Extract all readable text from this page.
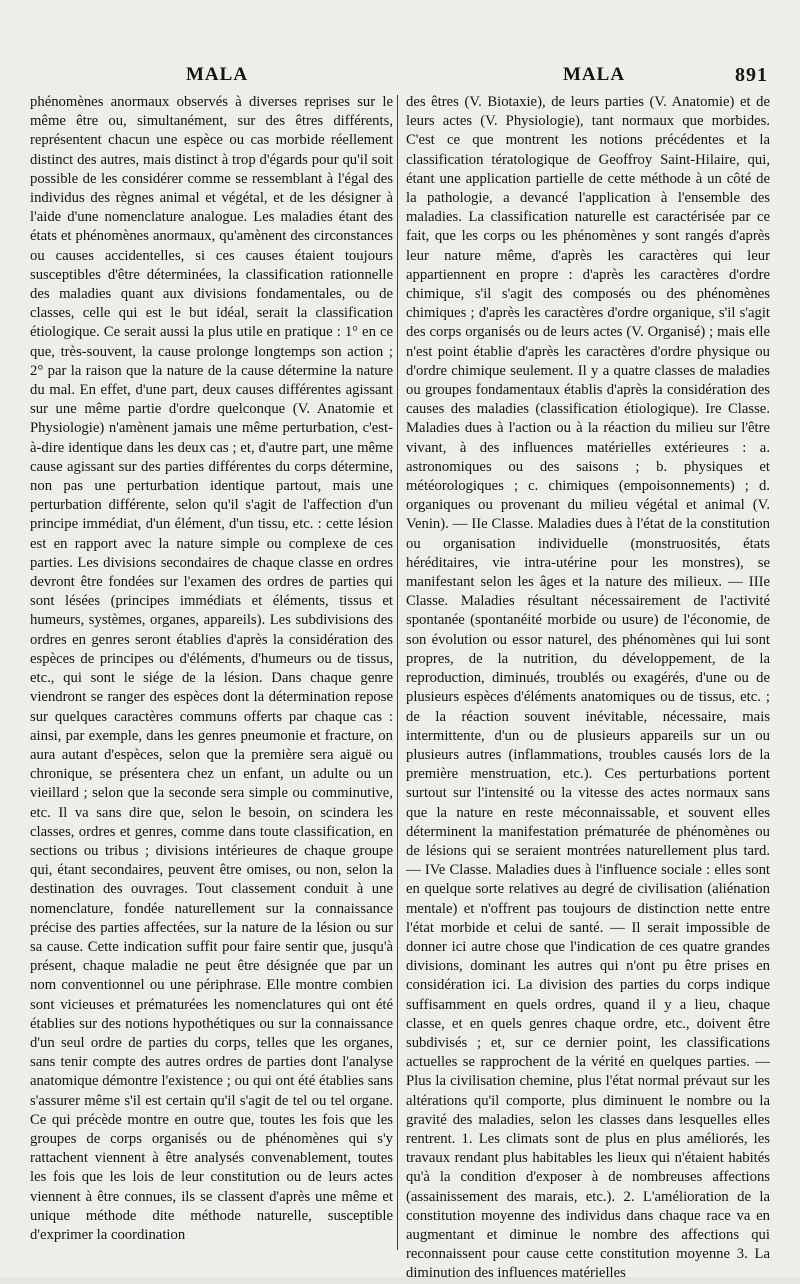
MALA	MALA	891

phénomènes anormaux observés à diverses reprises sur le même être ou, simultanément, sur des êtres différents, représentent chacun une espèce ou cas morbide réellement distinct des autres, mais distinct à trop d'égards pour qu'il soit possible de les considérer comme se ressemblant à l'égal des individus des règnes animal et végétal, et de les désigner à l'aide d'une nomenclature analogue. Les maladies étant des états et phénomènes anormaux, qu'amènent des circonstances ou causes accidentelles, si ces causes étaient toujours susceptibles d'être déterminées, la classification rationnelle des maladies quant aux divisions fondamentales, ou de classes, celle qui est le but idéal, serait la classification étiologique. Ce serait aussi la plus utile en pratique : 1° en ce que, très-souvent, la cause prolonge longtemps son action ; 2° par la raison que la nature de la cause détermine la nature du mal. En effet, d'une part, deux causes différentes agissant sur une même partie d'ordre quelconque (V. Anatomie et Physiologie) n'amènent jamais une même perturbation, c'est-à-dire identique dans les deux cas ; et, d'autre part, une même cause agissant sur des parties différentes du corps détermine, non pas une perturbation identique partout, mais une perturbation différente, selon qu'il s'agit de l'affection d'un principe immédiat, d'un élément, d'un tissu, etc. : cette lésion est en rapport avec la nature simple ou complexe de ces parties. Les divisions secondaires de chaque classe en ordres devront être fondées sur l'examen des ordres de parties qui sont lésées (principes immédiats et éléments, tissus et humeurs, systèmes, organes, appareils). Les subdivisions des ordres en genres seront établies d'après la considération des espèces de principes ou d'éléments, d'humeurs ou de tissus, etc., qui sont le siége de la lésion. Dans chaque genre viendront se ranger des espèces dont la détermination repose sur quelques caractères communs offerts par chaque cas : ainsi, par exemple, dans les genres pneumonie et fracture, on aura autant d'espèces, selon que la première sera aiguë ou chronique, se présentera chez un enfant, un adulte ou un vieillard ; selon que la seconde sera simple ou comminutive, etc. Il va sans dire que, selon le besoin, on scindera les classes, ordres et genres, comme dans toute classification, en sections ou tribus ; divisions intérieures de chaque groupe qui, étant secondaires, peuvent être omises, ou non, selon la destination des ouvrages. Tout classement conduit à une nomenclature, fondée naturellement sur la connaissance précise des parties affectées, sur la nature de la lésion ou sur sa cause. Cette indication suffit pour faire sentir que, jusqu'à présent, chaque maladie ne peut être désignée que par un nom conventionnel ou une périphrase. Elle montre combien sont vicieuses et prématurées les nomenclatures qui ont été établies sur des notions hypothétiques ou sur la connaissance d'un seul ordre de parties du corps, telles que les organes, sans tenir compte des autres ordres de parties dont l'analyse anatomique démontre l'existence ; ou qui ont été établies sans s'assurer même s'il est certain qu'il s'agit de tel ou tel organe. Ce qui précède montre en outre que, toutes les fois que les groupes de corps organisés ou de phénomènes qui s'y rattachent viennent à être analysés convenablement, toutes les fois que les lois de leur constitution ou de leurs actes viennent à être connues, ils se classent d'après une même et unique méthode dite méthode naturelle, susceptible d'exprimer la coordination

des êtres (V. Biotaxie), de leurs parties (V. Anatomie) et de leurs actes (V. Physiologie), tant normaux que morbides. C'est ce que montrent les notions précédentes et la classification tératologique de Geoffroy Saint-Hilaire, qui, étant une application partielle de cette méthode à un côté de la pathologie, a devancé l'application à l'ensemble des maladies. La classification naturelle est caractérisée par ce fait, que les corps ou les phénomènes y sont rangés d'après leur nature même, d'après les caractères qui leur appartiennent en propre : d'après les caractères d'ordre chimique, s'il s'agit des composés ou des phénomènes chimiques ; d'après les caractères d'ordre organique, s'il s'agit des corps organisés ou de leurs actes (V. Organisé) ; mais elle n'est point établie d'après les caractères d'ordre physique ou d'ordre chimique seulement. Il y a quatre classes de maladies ou groupes fondamentaux établis d'après la considération des causes des maladies (classification étiologique). Ire Classe. Maladies dues à l'action ou à la réaction du milieu sur l'être vivant, à des influences matérielles extérieures : a. astronomiques ou des saisons ; b. physiques et météorologiques ; c. chimiques (empoisonnements) ; d. organiques ou provenant du milieu végétal et animal (V. Venin). — IIe Classe. Maladies dues à l'état de la constitution ou organisation individuelle (monstruosités, états héréditaires, vie intra-utérine pour les monstres), se manifestant selon les âges et la nature des milieux. — IIIe Classe. Maladies résultant nécessairement de l'activité spontanée (spontanéité morbide ou usure) de l'économie, de son évolution ou essor naturel, des phénomènes qui lui sont propres, de la nutrition, du développement, de la reproduction, diminués, troublés ou exagérés, d'une ou de plusieurs espèces d'éléments anatomiques ou de tissus, etc. ; de la réaction souvent inévitable, nécessaire, mais intermittente, d'un ou de plusieurs appareils sur un ou plusieurs autres (inflammations, troubles causés lors de la première menstruation, etc.). Ces perturbations portent surtout sur l'intensité ou la vitesse des actes normaux sans que la nature en reste méconnaissable, et souvent elles déterminent la manifestation prématurée de phénomènes ou de lésions qui se seraient montrées naturellement plus tard. — IVe Classe. Maladies dues à l'influence sociale : elles sont en quelque sorte relatives au degré de civilisation (aliénation mentale) et n'offrent pas toujours de distinction nette entre l'état morbide et celui de santé. — Il serait impossible de donner ici autre chose que l'indication de ces quatre grandes divisions, dominant les autres qui n'ont pu être prises en considération ici. La division des parties du corps indique suffisamment en quels ordres, quand il y a lieu, chaque classe, et en quels genres chaque ordre, etc., doivent être subdivisés ; et, sur ce dernier point, les classifications actuelles se rapprochent de la vérité en quelques parties. — Plus la civilisation chemine, plus l'état normal prévaut sur les altérations qu'il comporte, plus diminuent le nombre ou la gravité des maladies, selon les classes dans lesquelles elles rentrent. 1. Les climats sont de plus en plus améliorés, les travaux rendant plus habitables les lieux qui n'étaient habités qu'à la condition d'exposer à de nombreuses affections (assainissement des marais, etc.). 2. L'amélioration de la constitution moyenne des individus dans chaque race va en augmentant et diminue le nombre des affections qui reconnaissent pour cause cette constitution moyenne 3. La diminution des influences matérielles
